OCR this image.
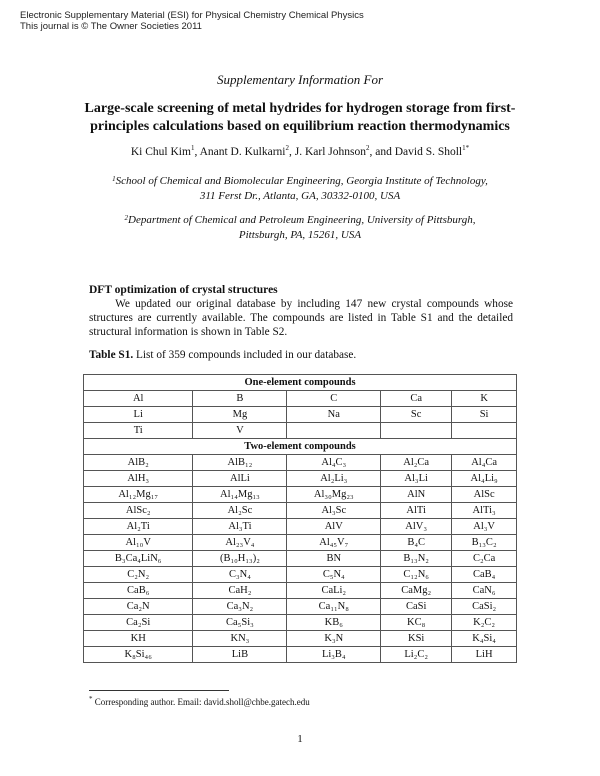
Electronic Supplementary Material (ESI) for Physical Chemistry Chemical Physics
This journal is © The Owner Societies 2011
Supplementary Information For
Large-scale screening of metal hydrides for hydrogen storage from first-
principles calculations based on equilibrium reaction thermodynamics
Ki Chul Kim$^1$, Anant D. Kulkarni$^2$, J. Karl Johnson$^2$, and David S. Sholl$^{1*}$
$^1$School of Chemical and Biomolecular Engineering, Georgia Institute of Technology,
311 Ferst Dr., Atlanta, GA, 30332-0100, USA
$^2$Department of Chemical and Petroleum Engineering, University of Pittsburgh,
Pittsburgh, PA, 15261, USA
DFT optimization of crystal structures
We updated our original database by including 147 new crystal compounds whose structures are currently available. The compounds are listed in Table S1 and the detailed structural information is shown in Table S2.
Table S1. List of 359 compounds included in our database.
One-element compounds				
Al	B	C	Ca	K
Li	Mg	Na	Sc	Si
Ti	V			
Two-element compounds				
AlB₂	AlB₁₂	Al₄C₃	Al₂Ca	Al₄Ca
AlH₃	AlLi	Al₂Li₃	Al₃Li	Al₄Li₉
Al₁₂Mg₁₇	Al₁₄Mg₁₃	Al₃₀Mg₂₃	AlN	AlSc
AlSc₂	Al₂Sc	Al₃Sc	AlTi	AlTi₃
Al₂Ti	Al₃Ti	AlV	AlV₃	Al₃V
Al₁₀V	Al₂₃V₄	Al₄₅V₇	B₄C	B₁₃C₂
B₃Ca₄LiN₆	(B₁₀H₁₃)₂	BN	B₁₃N₂	C₂Ca
C₂N₂	C₃N₄	C₅N₄	C₁₂N₆	CaB₄
CaB₆	CaH₂	CaLi₂	CaMg₂	CaN₆
Ca₂N	Ca₃N₂	Ca₁₁N₈	CaSi	CaSi₂
Ca₂Si	Ca₅Si₃	KB₆	KC₈	K₂C₂
KH	KN₃	K₃N	KSi	K₄Si₄
K₈Si₄₆	LiB	Li₃B₄	Li₂C₂	LiH
* Corresponding author. Email: david.sholl@chbe.gatech.edu
1
